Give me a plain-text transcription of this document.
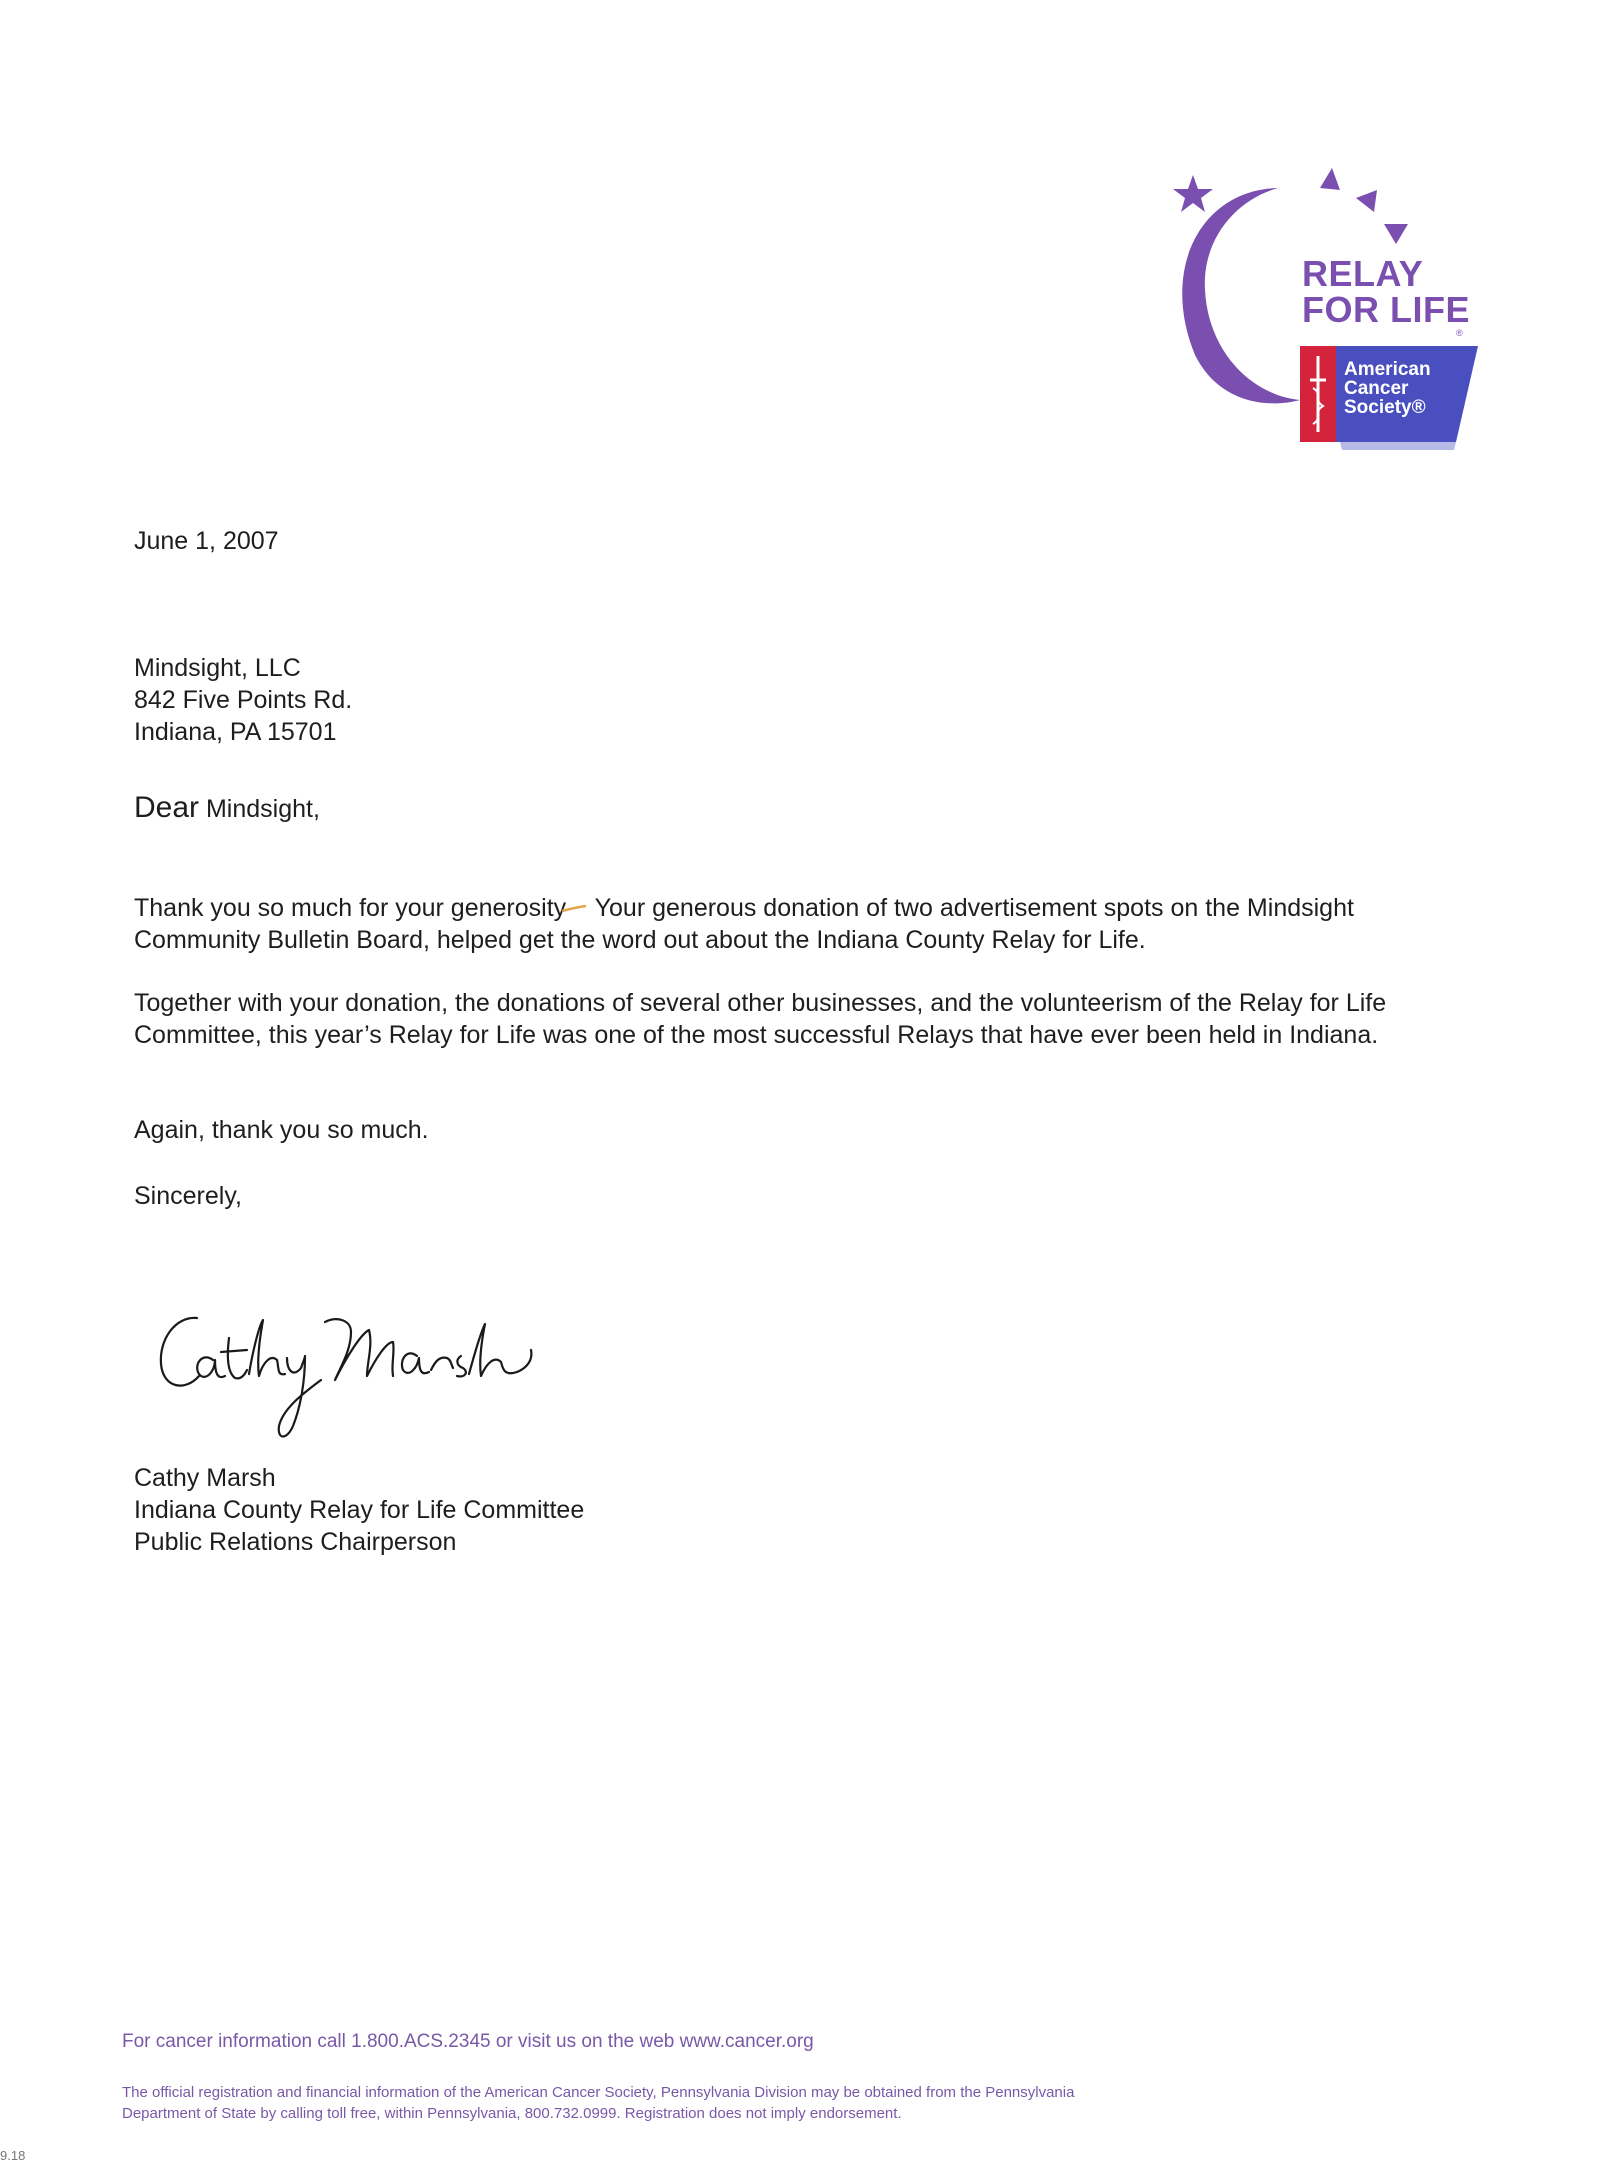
RELAY
FOR LIFE
®
American
Cancer
Society®
June 1, 2007
Mindsight, LLC
842 Five Points Rd.
Indiana, PA 15701
Dear Mindsight,
Thank you so much for your generosity Your generous donation of two advertisement spots on the Mindsight Community Bulletin Board, helped get the word out about the Indiana County Relay for Life.
Together with your donation, the donations of several other businesses, and the volunteerism of the Relay for Life Committee, this year’s Relay for Life was one of the most successful Relays that have ever been held in Indiana.
Again, thank you so much.
Sincerely,
Cathy Marsh
Indiana County Relay for Life Committee
Public Relations Chairperson
For cancer information call 1.800.ACS.2345 or visit us on the web www.cancer.org
The official registration and financial information of the American Cancer Society, Pennsylvania Division may be obtained from the Pennsylvania
Department of State by calling toll free, within Pennsylvania, 800.732.0999. Registration does not imply endorsement.
9.18
